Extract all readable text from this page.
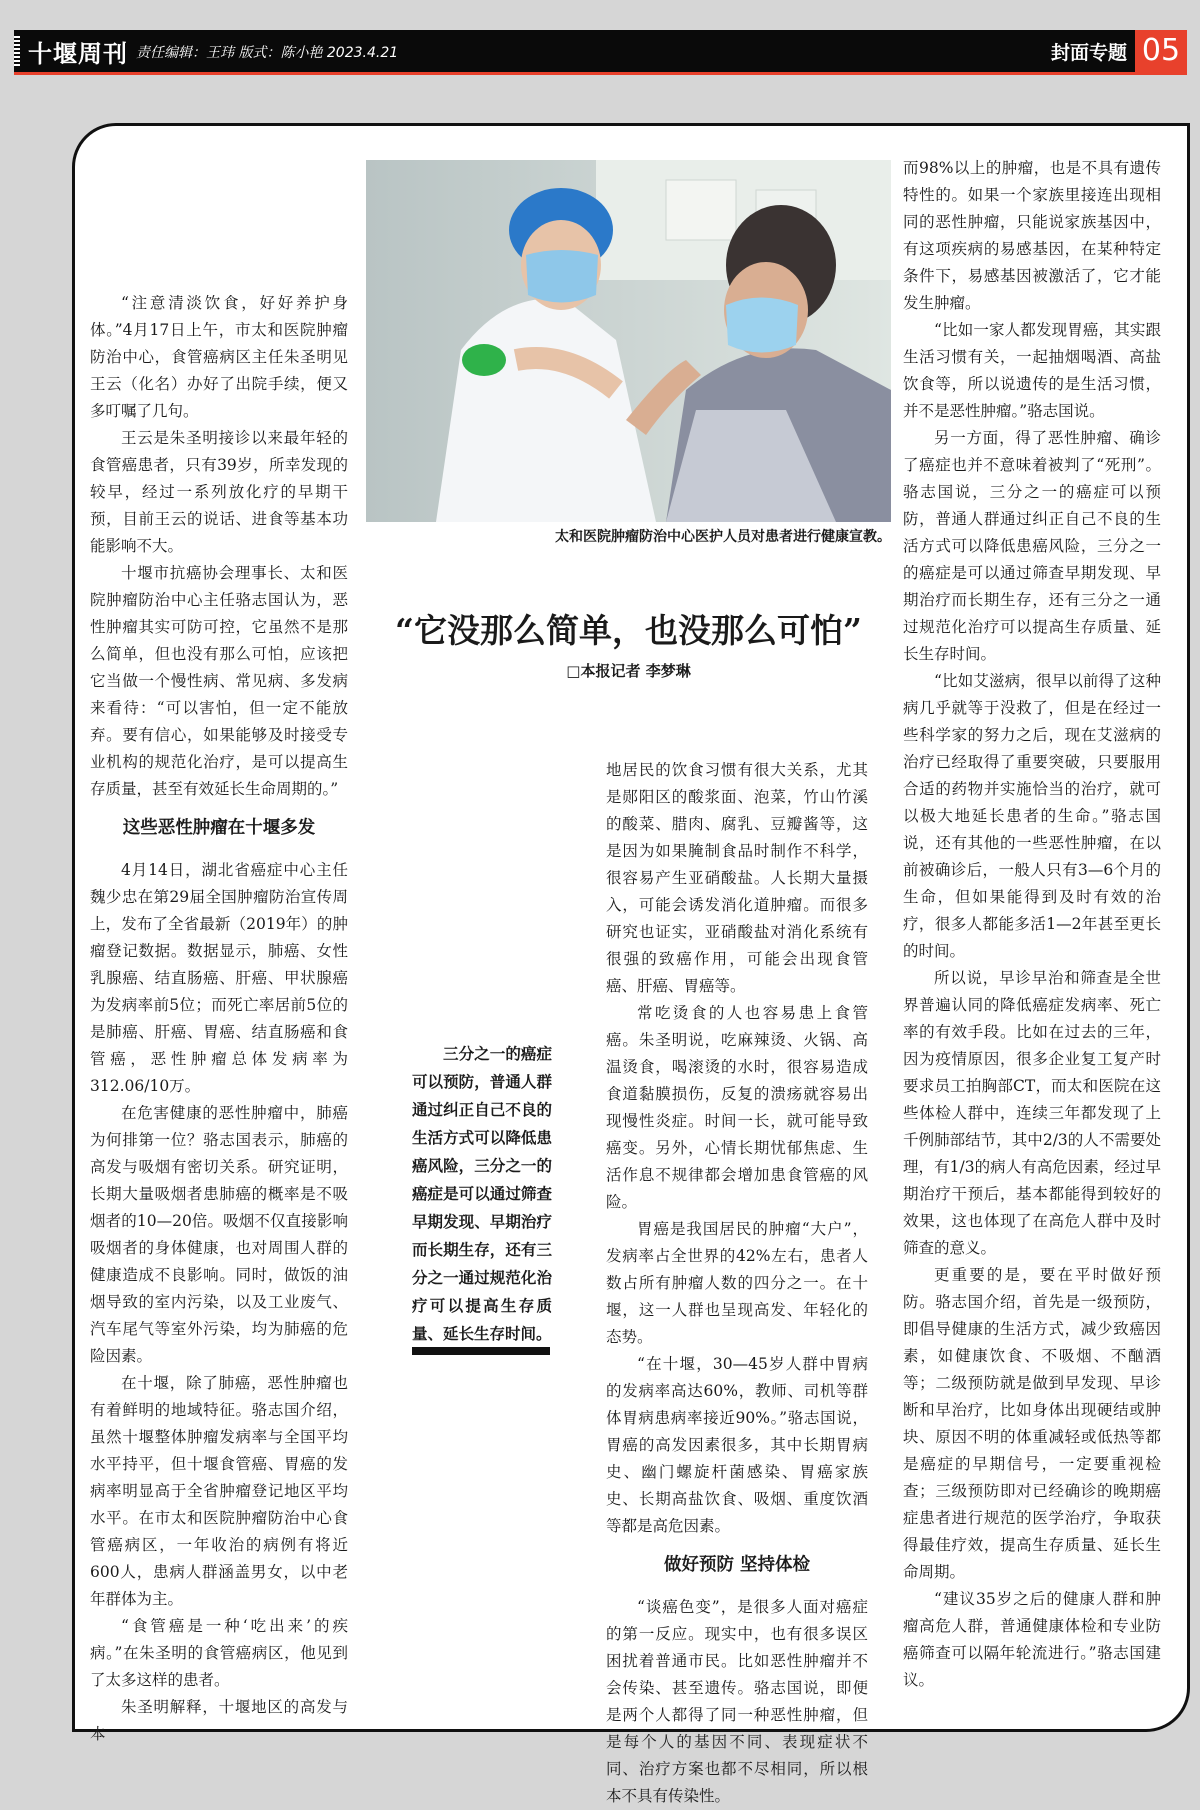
十堰周刊 责任编辑：王玮 版式：陈小艳 2023.4.21	封面专题 05
太和医院肿瘤防治中心医护人员对患者进行健康宣教。
“它没那么简单，也没那么可怕”
□本报记者 李梦琳

“注意清淡饮食，好好养护身体。”4月17日上午，市太和医院肿瘤防治中心，食管癌病区主任朱圣明见王云（化名）办好了出院手续，便又多叮嘱了几句。

王云是朱圣明接诊以来最年轻的食管癌患者，只有39岁，所幸发现的较早，经过一系列放化疗的早期干预，目前王云的说话、进食等基本功能影响不大。

十堰市抗癌协会理事长、太和医院肿瘤防治中心主任骆志国认为，恶性肿瘤其实可防可控，它虽然不是那么简单，但也没有那么可怕，应该把它当做一个慢性病、常见病、多发病来看待：“可以害怕，但一定不能放弃。要有信心，如果能够及时接受专业机构的规范化治疗，是可以提高生存质量，甚至有效延长生命周期的。”

这些恶性肿瘤在十堰多发

4月14日，湖北省癌症中心主任魏少忠在第29届全国肿瘤防治宣传周上，发布了全省最新（2019年）的肿瘤登记数据。数据显示，肺癌、女性乳腺癌、结直肠癌、肝癌、甲状腺癌为发病率前5位；而死亡率居前5位的是肺癌、肝癌、胃癌、结直肠癌和食管癌，恶性肿瘤总体发病率为312.06/10万。

在危害健康的恶性肿瘤中，肺癌为何排第一位？骆志国表示，肺癌的高发与吸烟有密切关系。研究证明，长期大量吸烟者患肺癌的概率是不吸烟者的10—20倍。吸烟不仅直接影响吸烟者的身体健康，也对周围人群的健康造成不良影响。同时，做饭的油烟导致的室内污染，以及工业废气、汽车尾气等室外污染，均为肺癌的危险因素。

在十堰，除了肺癌，恶性肿瘤也有着鲜明的地域特征。骆志国介绍，虽然十堰整体肿瘤发病率与全国平均水平持平，但十堰食管癌、胃癌的发病率明显高于全省肿瘤登记地区平均水平。在市太和医院肿瘤防治中心食管癌病区，一年收治的病例有将近600人，患病人群涵盖男女，以中老年群体为主。

“食管癌是一种‘吃出来’的疾病。”在朱圣明的食管癌病区，他见到了太多这样的患者。

朱圣明解释，十堰地区的高发与本

三分之一的癌症可以预防，普通人群通过纠正自己不良的生活方式可以降低患癌风险，三分之一的癌症是可以通过筛查早期发现、早期治疗而长期生存，还有三分之一通过规范化治疗可以提高生存质量、延长生存时间。

地居民的饮食习惯有很大关系，尤其是郧阳区的酸浆面、泡菜，竹山竹溪的酸菜、腊肉、腐乳、豆瓣酱等，这是因为如果腌制食品时制作不科学，很容易产生亚硝酸盐。人长期大量摄入，可能会诱发消化道肿瘤。而很多研究也证实，亚硝酸盐对消化系统有很强的致癌作用，可能会出现食管癌、肝癌、胃癌等。

常吃烫食的人也容易患上食管癌。朱圣明说，吃麻辣烫、火锅、高温烫食，喝滚烫的水时，很容易造成食道黏膜损伤，反复的溃疡就容易出现慢性炎症。时间一长，就可能导致癌变。另外，心情长期忧郁焦虑、生活作息不规律都会增加患食管癌的风险。

胃癌是我国居民的肿瘤“大户”，发病率占全世界的42%左右，患者人数占所有肿瘤人数的四分之一。在十堰，这一人群也呈现高发、年轻化的态势。

“在十堰，30—45岁人群中胃病的发病率高达60%，教师、司机等群体胃病患病率接近90%。”骆志国说，胃癌的高发因素很多，其中长期胃病史、幽门螺旋杆菌感染、胃癌家族史、长期高盐饮食、吸烟、重度饮酒等都是高危因素。

做好预防 坚持体检

“谈癌色变”，是很多人面对癌症的第一反应。现实中，也有很多误区困扰着普通市民。比如恶性肿瘤并不会传染、甚至遗传。骆志国说，即便是两个人都得了同一种恶性肿瘤，但是每个人的基因不同、表现症状不同、治疗方案也都不尽相同，所以根本不具有传染性。

而98%以上的肿瘤，也是不具有遗传特性的。如果一个家族里接连出现相同的恶性肿瘤，只能说家族基因中，有这项疾病的易感基因，在某种特定条件下，易感基因被激活了，它才能发生肿瘤。

“比如一家人都发现胃癌，其实跟生活习惯有关，一起抽烟喝酒、高盐饮食等，所以说遗传的是生活习惯，并不是恶性肿瘤。”骆志国说。

另一方面，得了恶性肿瘤、确诊了癌症也并不意味着被判了“死刑”。骆志国说，三分之一的癌症可以预防，普通人群通过纠正自己不良的生活方式可以降低患癌风险，三分之一的癌症是可以通过筛查早期发现、早期治疗而长期生存，还有三分之一通过规范化治疗可以提高生存质量、延长生存时间。

“比如艾滋病，很早以前得了这种病几乎就等于没救了，但是在经过一些科学家的努力之后，现在艾滋病的治疗已经取得了重要突破，只要服用合适的药物并实施恰当的治疗，就可以极大地延长患者的生命。”骆志国说，还有其他的一些恶性肿瘤，在以前被确诊后，一般人只有3—6个月的生命，但如果能得到及时有效的治疗，很多人都能多活1—2年甚至更长的时间。

所以说，早诊早治和筛查是全世界普遍认同的降低癌症发病率、死亡率的有效手段。比如在过去的三年，因为疫情原因，很多企业复工复产时要求员工拍胸部CT，而太和医院在这些体检人群中，连续三年都发现了上千例肺部结节，其中2/3的人不需要处理，有1/3的病人有高危因素，经过早期治疗干预后，基本都能得到较好的效果，这也体现了在高危人群中及时筛查的意义。

更重要的是，要在平时做好预防。骆志国介绍，首先是一级预防，即倡导健康的生活方式，减少致癌因素，如健康饮食、不吸烟、不酗酒等；二级预防就是做到早发现、早诊断和早治疗，比如身体出现硬结或肿块、原因不明的体重减轻或低热等都是癌症的早期信号，一定要重视检查；三级预防即对已经确诊的晚期癌症患者进行规范的医学治疗，争取获得最佳疗效，提高生存质量、延长生命周期。

“建议35岁之后的健康人群和肿瘤高危人群，普通健康体检和专业防癌筛查可以隔年轮流进行。”骆志国建议。
